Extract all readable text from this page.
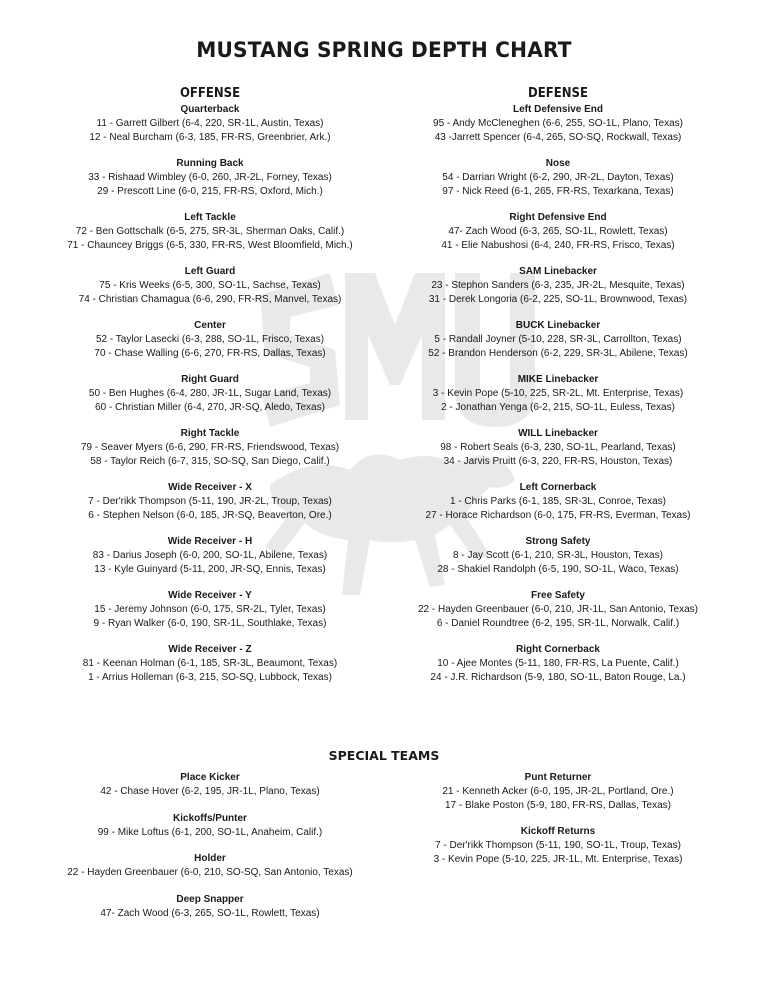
MUSTANG SPRING DEPTH CHART
OFFENSE
Quarterback
11 - Garrett Gilbert (6-4, 220, SR-1L, Austin, Texas)
12 - Neal Burcham (6-3, 185, FR-RS, Greenbrier, Ark.)
Running Back
33 - Rishaad Wimbley (6-0, 260, JR-2L, Forney, Texas)
29 - Prescott Line (6-0, 215, FR-RS, Oxford, Mich.)
Left Tackle
72 - Ben Gottschalk (6-5, 275, SR-3L, Sherman Oaks, Calif.)
71 - Chauncey Briggs (6-5, 330, FR-RS, West Bloomfield, Mich.)
Left Guard
75 - Kris Weeks (6-5, 300, SO-1L, Sachse, Texas)
74 - Christian Chamagua (6-6, 290, FR-RS, Manvel, Texas)
Center
52 - Taylor Lasecki (6-3, 288, SO-1L, Frisco, Texas)
70 - Chase Walling (6-6, 270, FR-RS, Dallas, Texas)
Right Guard
50 - Ben Hughes (6-4, 280, JR-1L, Sugar Land, Texas)
60 - Christian Miller (6-4, 270, JR-SQ, Aledo, Texas)
Right Tackle
79 - Seaver Myers (6-6, 290, FR-RS, Friendswood, Texas)
58 - Taylor Reich (6-7, 315, SO-SQ, San Diego, Calif.)
Wide Receiver - X
7 - Der'rikk Thompson (5-11, 190, JR-2L, Troup, Texas)
6 - Stephen Nelson (6-0, 185, JR-SQ, Beaverton, Ore.)
Wide Receiver - H
83 - Darius Joseph (6-0, 200, SO-1L, Abilene, Texas)
13 - Kyle Guinyard (5-11, 200, JR-SQ, Ennis, Texas)
Wide Receiver - Y
15 - Jeremy Johnson (6-0, 175, SR-2L, Tyler, Texas)
9 - Ryan Walker (6-0, 190, SR-1L, Southlake, Texas)
Wide Receiver - Z
81 - Keenan Holman (6-1, 185, SR-3L, Beaumont, Texas)
1 - Arrius Holleman (6-3, 215, SO-SQ, Lubbock, Texas)
DEFENSE
Left Defensive End
95 - Andy McCleneghen (6-6, 255, SO-1L, Plano, Texas)
43 -Jarrett Spencer (6-4, 265, SO-SQ, Rockwall, Texas)
Nose
54 - Darrian Wright (6-2, 290, JR-2L, Dayton, Texas)
97 - Nick Reed (6-1, 265, FR-RS, Texarkana, Texas)
Right Defensive End
47- Zach Wood (6-3, 265, SO-1L, Rowlett, Texas)
41 - Elie Nabushosi (6-4, 240, FR-RS, Frisco, Texas)
SAM Linebacker
23 - Stephon Sanders (6-3, 235, JR-2L, Mesquite, Texas)
31 - Derek Longoria (6-2, 225, SO-1L, Brownwood, Texas)
BUCK Linebacker
5 - Randall Joyner (5-10, 228, SR-3L, Carrollton, Texas)
52 - Brandon Henderson (6-2, 229, SR-3L, Abilene, Texas)
MIKE Linebacker
3 - Kevin Pope (5-10, 225, SR-2L, Mt. Enterprise, Texas)
2 - Jonathan Yenga (6-2, 215, SO-1L, Euless, Texas)
WILL Linebacker
98 - Robert Seals (6-3, 230, SO-1L, Pearland, Texas)
34 - Jarvis Pruitt (6-3, 220, FR-RS, Houston, Texas)
Left Cornerback
1 - Chris Parks (6-1, 185, SR-3L, Conroe, Texas)
27 - Horace Richardson (6-0, 175, FR-RS, Everman, Texas)
Strong Safety
8 - Jay Scott (6-1, 210, SR-3L, Houston, Texas)
28 - Shakiel Randolph (6-5, 190, SO-1L, Waco, Texas)
Free Safety
22 - Hayden Greenbauer (6-0, 210, JR-1L, San Antonio, Texas)
6 - Daniel Roundtree (6-2, 195, SR-1L, Norwalk, Calif.)
Right Cornerback
10 - Ajee Montes (5-11, 180, FR-RS, La Puente, Calif.)
24 - J.R. Richardson (5-9, 180, SO-1L, Baton Rouge, La.)
SPECIAL TEAMS
Place Kicker
42 - Chase Hover (6-2, 195, JR-1L, Plano, Texas)
Kickoffs/Punter
99 - Mike Loftus (6-1, 200, SO-1L, Anaheim, Calif.)
Holder
22 - Hayden Greenbauer (6-0, 210, SO-SQ, San Antonio, Texas)
Deep Snapper
47- Zach Wood (6-3, 265, SO-1L, Rowlett, Texas)
Punt Returner
21 - Kenneth Acker (6-0, 195, JR-2L, Portland, Ore.)
17 - Blake Poston (5-9, 180, FR-RS, Dallas, Texas)
Kickoff Returns
7 - Der'rikk Thompson (5-11, 190, SO-1L, Troup, Texas)
3 - Kevin Pope (5-10, 225, JR-1L, Mt. Enterprise, Texas)
